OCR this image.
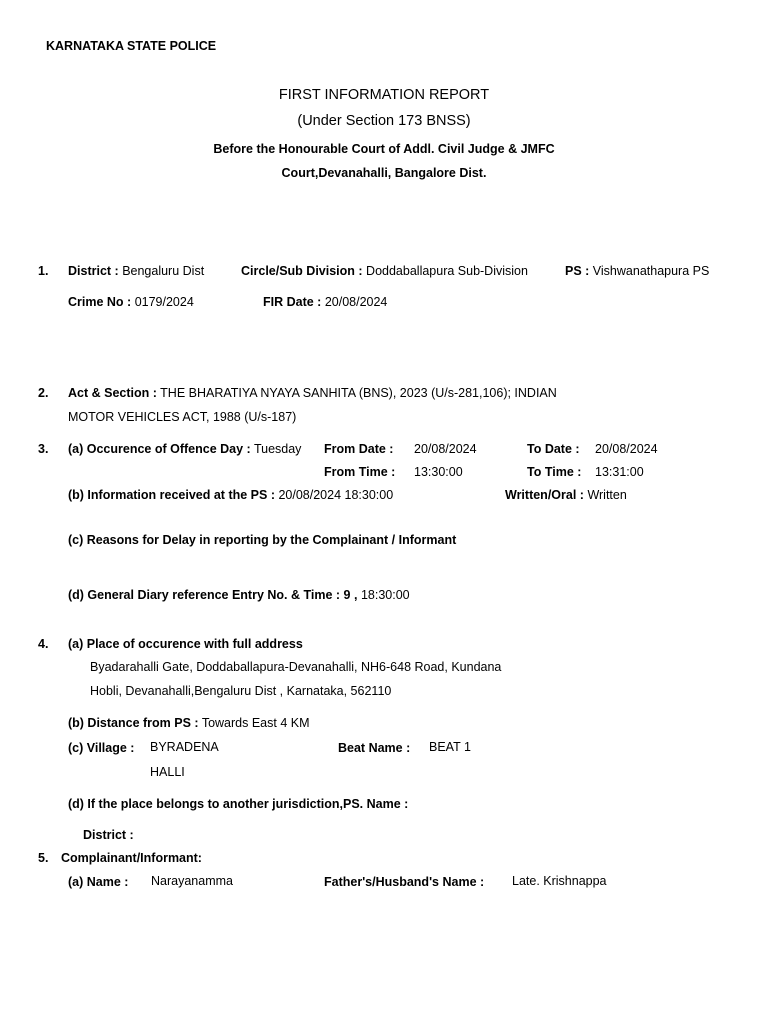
KARNATAKA STATE POLICE
FIRST INFORMATION REPORT
(Under Section 173 BNSS)
Before the Honourable Court of Addl. Civil Judge & JMFC
Court,Devanahalli, Bangalore Dist.
1. District : Bengaluru Dist	Circle/Sub Division : Doddaballapura Sub-Division	PS : Vishwanathapura PS
Crime No : 0179/2024	FIR Date : 20/08/2024
2. Act & Section : THE BHARATIYA NYAYA SANHITA (BNS), 2023 (U/s-281,106); INDIAN
MOTOR VEHICLES ACT, 1988 (U/s-187)
3. (a) Occurence of Offence Day : Tuesday From Date : 20/08/2024	To Date : 20/08/2024
From Time : 13:30:00	To Time : 13:31:00
(b) Information received at the PS : 20/08/2024 18:30:00	Written/Oral : Written
(c) Reasons for Delay in reporting by the Complainant / Informant
(d) General Diary reference Entry No. & Time : 9 , 18:30:00
4. (a) Place of occurence with full address
Byadarahalli Gate, Doddaballapura-Devanahalli, NH6-648 Road, Kundana
Hobli, Devanahalli,Bengaluru Dist , Karnataka, 562110
(b) Distance from PS : Towards East 4 KM
(c) Village : BYRADENA
HALLI
Beat Name : BEAT 1
(d) If the place belongs to another jurisdiction,PS. Name :
District :
5. Complainant/Informant:
(a) Name : Narayanamma	Father's/Husband's Name : Late. Krishnappa
